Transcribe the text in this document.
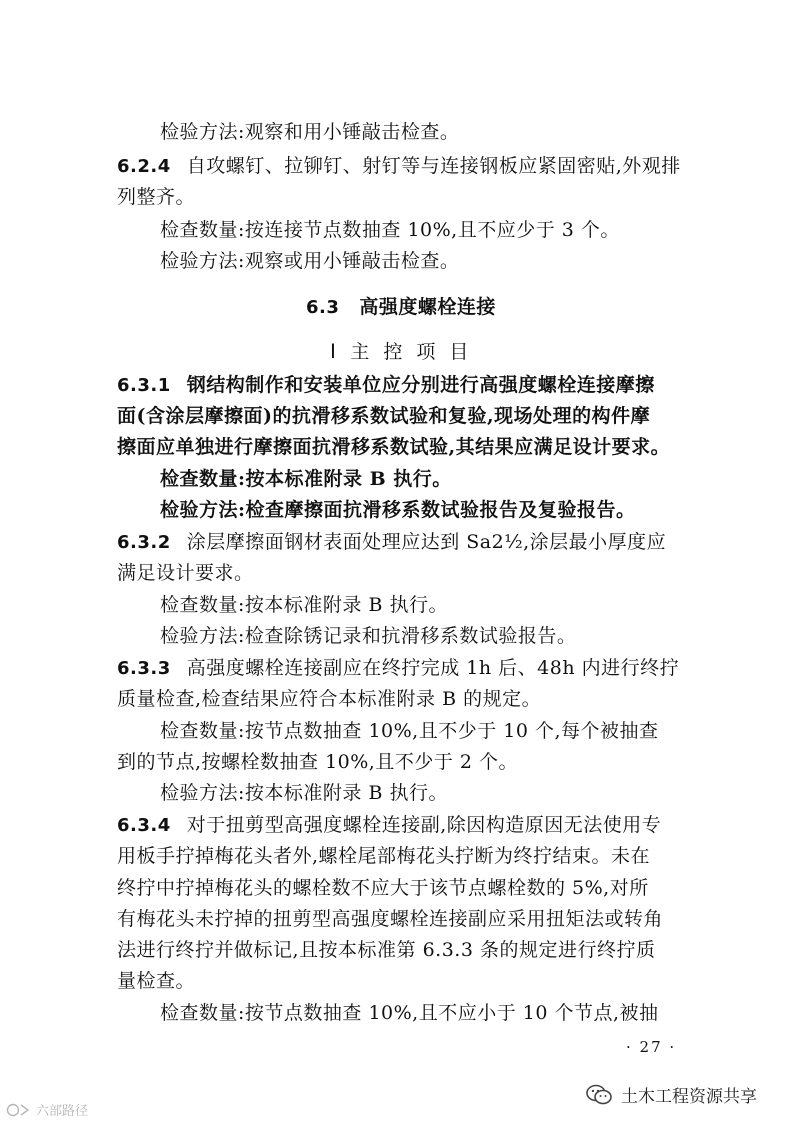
检验方法:观察和用小锤敲击检查。
6.2.4 自攻螺钉、拉铆钉、射钉等与连接钢板应紧固密贴,外观排
列整齐。
检查数量:按连接节点数抽查 10%,且不应少于 3 个。
检验方法:观察或用小锤敲击检查。
6.3 高强度螺栓连接
Ⅰ 主控项目
6.3.1 钢结构制作和安装单位应分别进行高强度螺栓连接摩擦
面(含涂层摩擦面)的抗滑移系数试验和复验,现场处理的构件摩
擦面应单独进行摩擦面抗滑移系数试验,其结果应满足设计要求。
检查数量:按本标准附录 B 执行。
检验方法:检查摩擦面抗滑移系数试验报告及复验报告。
6.3.2 涂层摩擦面钢材表面处理应达到 Sa2½,涂层最小厚度应
满足设计要求。
检查数量:按本标准附录 B 执行。
检验方法:检查除锈记录和抗滑移系数试验报告。
6.3.3 高强度螺栓连接副应在终拧完成 1h 后、48h 内进行终拧
质量检查,检查结果应符合本标准附录 B 的规定。
检查数量:按节点数抽查 10%,且不少于 10 个,每个被抽查
到的节点,按螺栓数抽查 10%,且不少于 2 个。
检验方法:按本标准附录 B 执行。
6.3.4 对于扭剪型高强度螺栓连接副,除因构造原因无法使用专
用板手拧掉梅花头者外,螺栓尾部梅花头拧断为终拧结束。未在
终拧中拧掉梅花头的螺栓数不应大于该节点螺栓数的 5%,对所
有梅花头未拧掉的扭剪型高强度螺栓连接副应采用扭矩法或转角
法进行终拧并做标记,且按本标准第 6.3.3 条的规定进行终拧质
量检查。
检查数量:按节点数抽查 10%,且不应小于 10 个节点,被抽
· 27 ·
土木工程资源共享
六部路径
